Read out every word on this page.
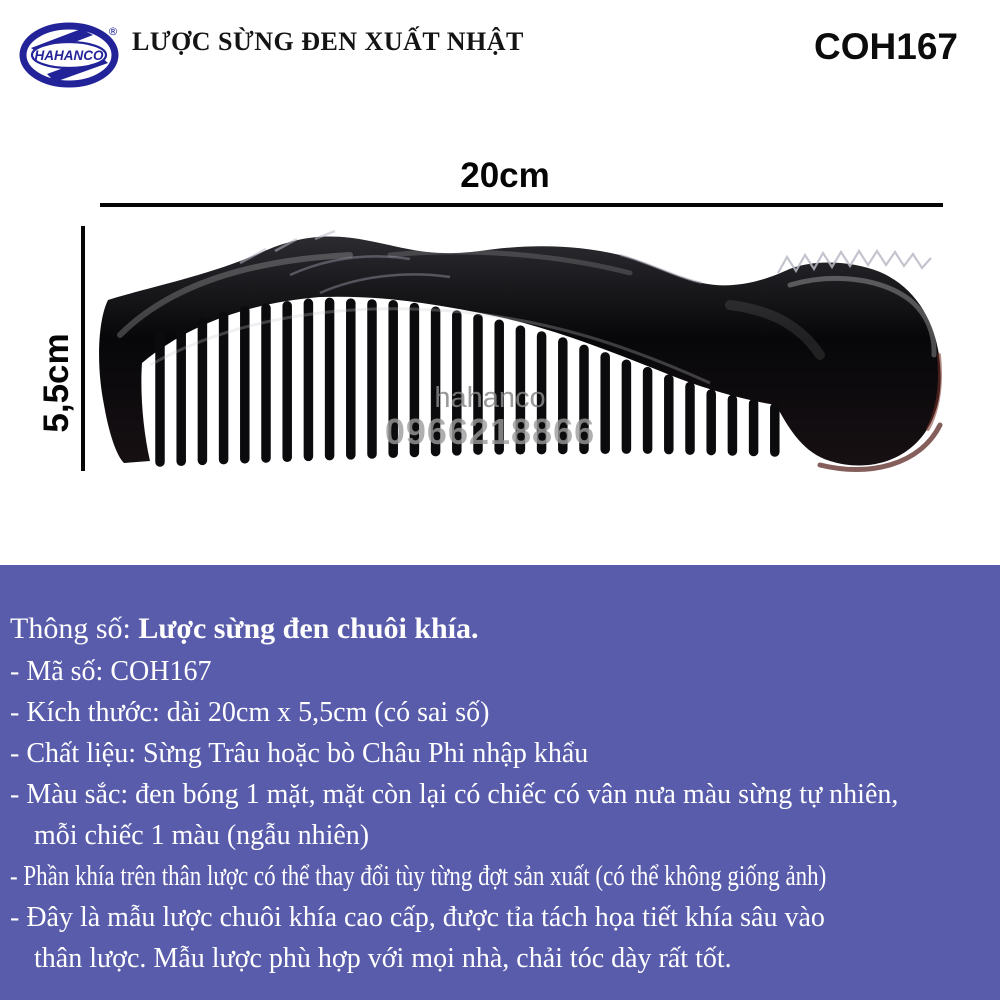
HAHANCO
® LƯỢC SỪNG ĐEN XUẤT NHẬT	COH167
20cm
5,5cm	hahanco
0966218866
Thông số: Lược sừng đen chuôi khía.
- Mã số: COH167
- Kích thước: dài 20cm x 5,5cm (có sai số)
- Chất liệu: Sừng Trâu hoặc bò Châu Phi nhập khẩu
- Màu sắc: đen bóng 1 mặt, mặt còn lại có chiếc có vân nưa màu sừng tự nhiên,
mỗi chiếc 1 màu (ngẫu nhiên)
- Phần khía trên thân lược có thể thay đổi tùy từng đợt sản xuất (có thể không giống ảnh)
- Đây là mẫu lược chuôi khía cao cấp, được tỉa tách họa tiết khía sâu vào
thân lược. Mẫu lược phù hợp với mọi nhà, chải tóc dày rất tốt.
